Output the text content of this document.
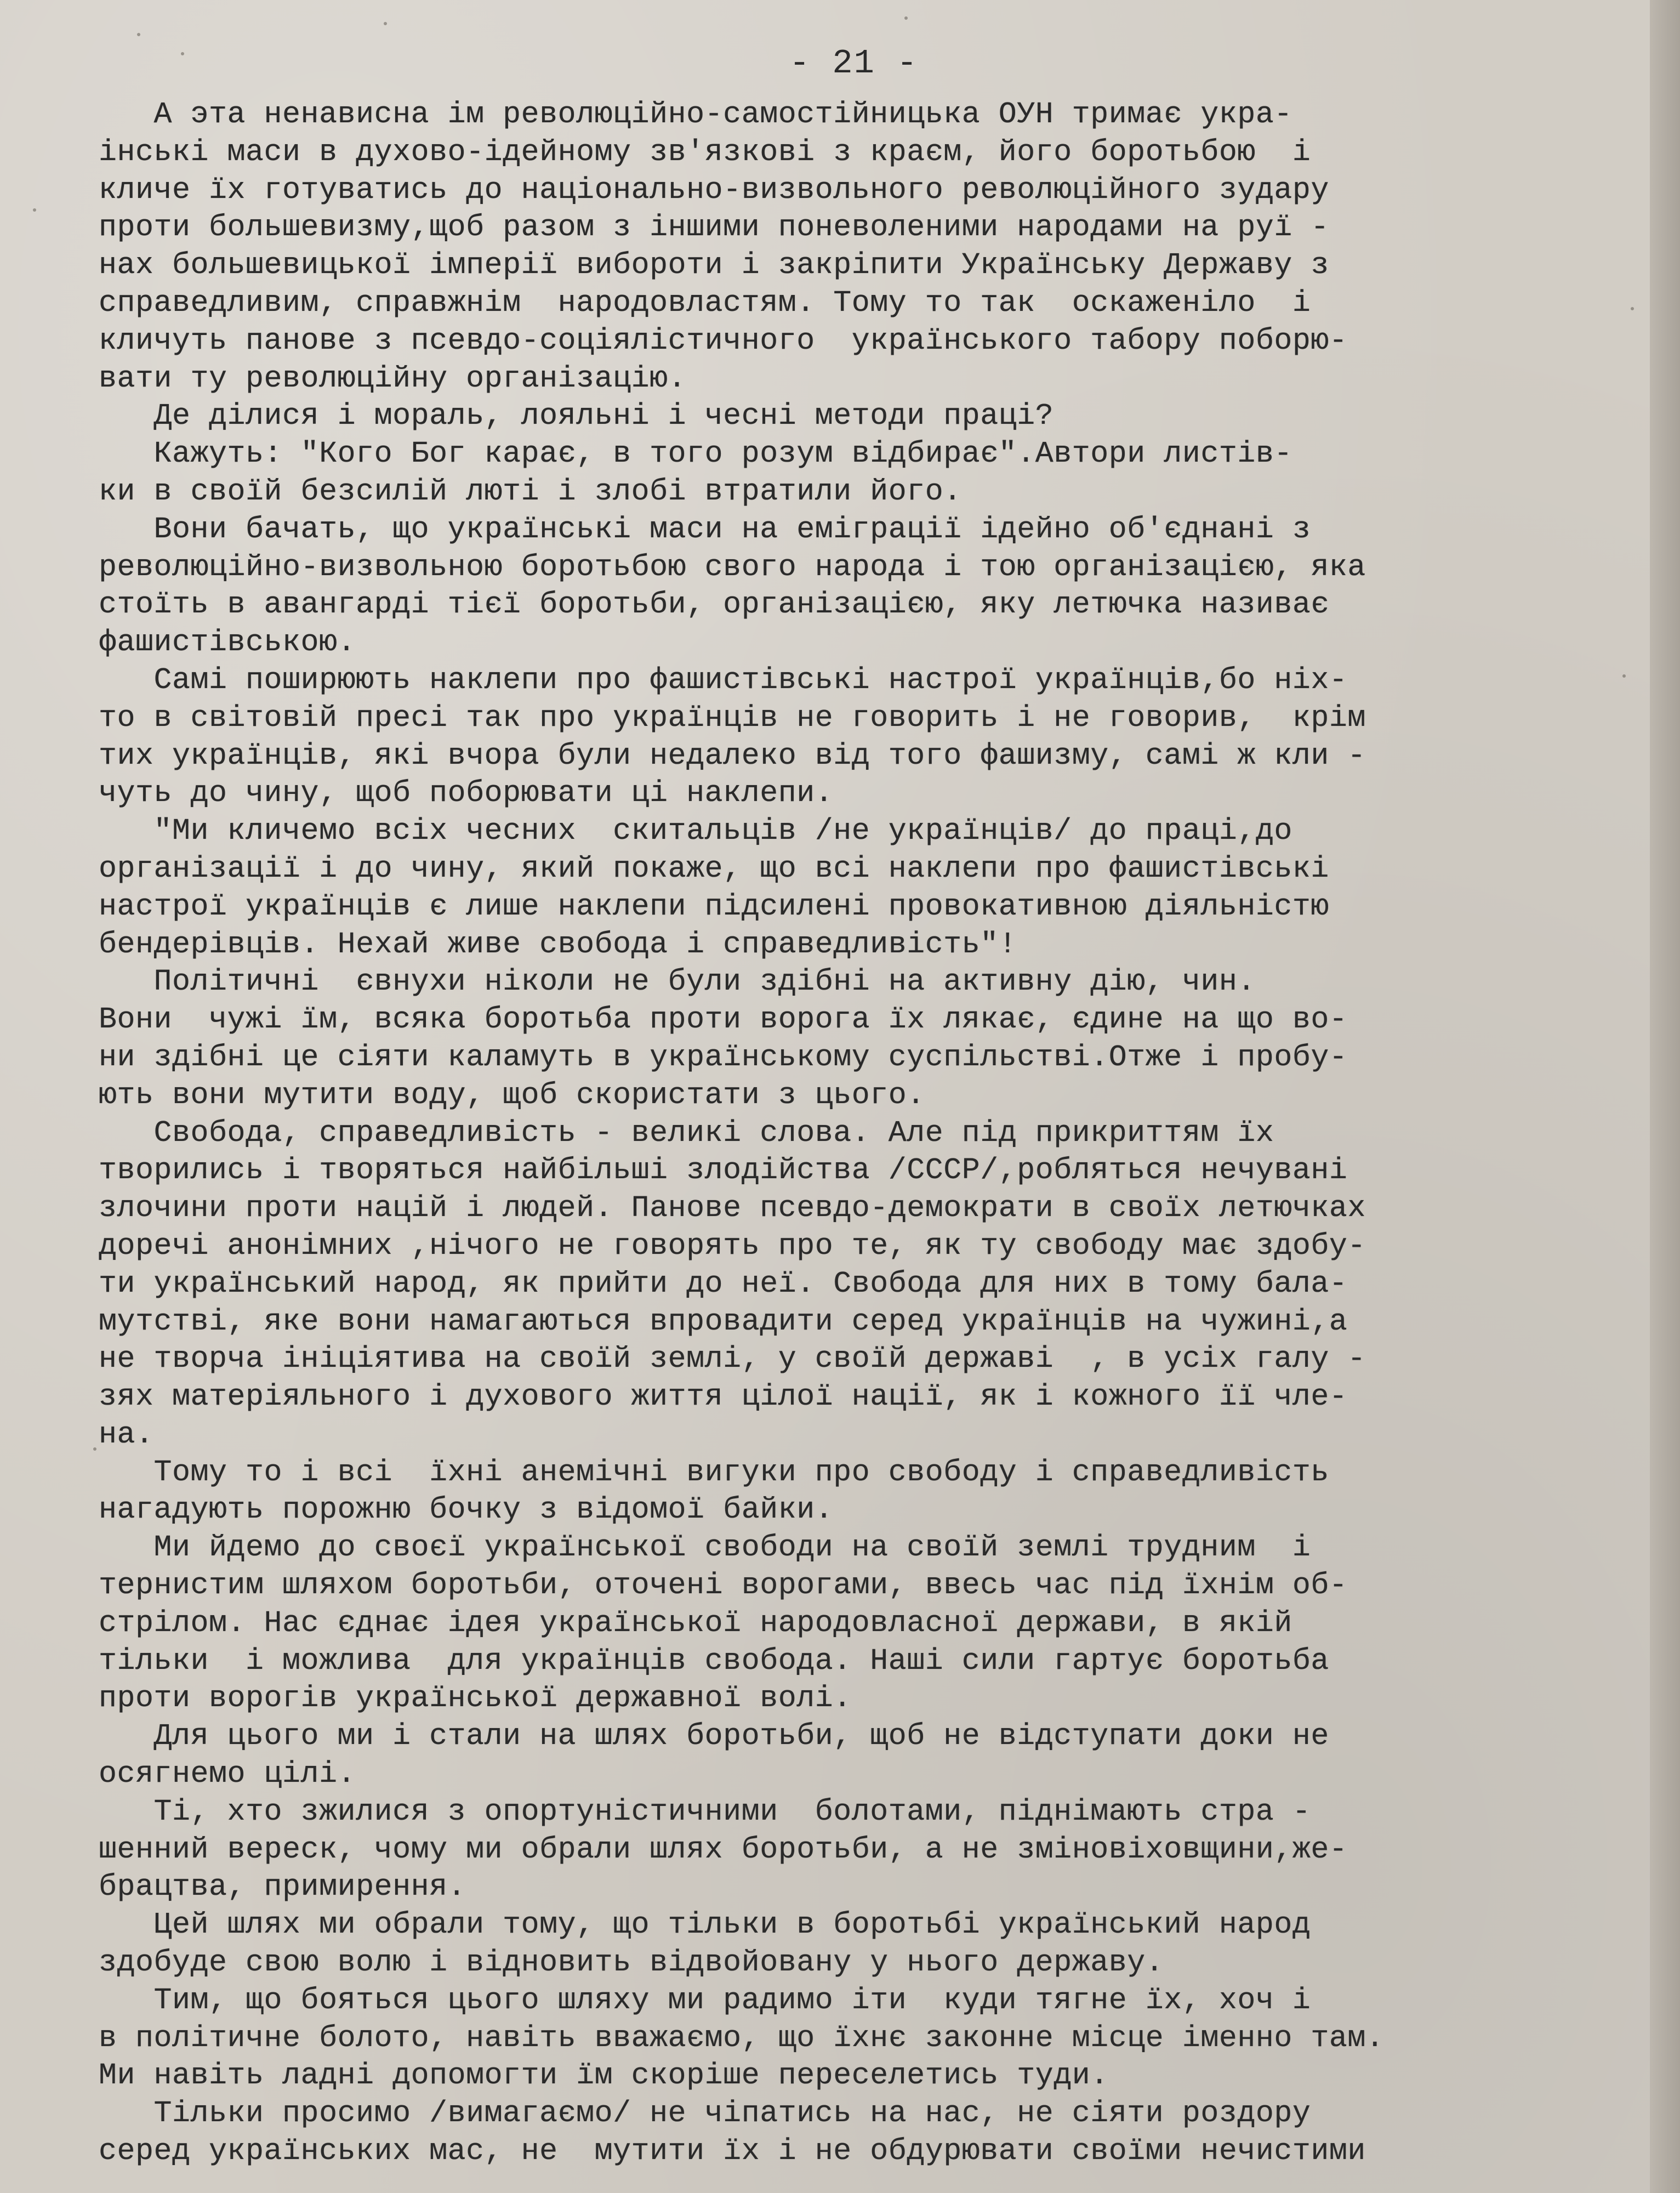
- 21 -
А эта ненависна ім революційно-самостійницька ОУН тримає укра-
інські маси в духово-ідейному зв'язкові з краєм, його боротьбою  і
кличе їх готуватись до національно-визвольного революційного зудару
проти большевизму,щоб разом з іншими поневоленими народами на руї -
нах большевицької імперії вибороти і закріпити Українську Державу з
справедливим, справжнім  народовластям. Тому то так  оскаженіло  і
кличуть панове з псевдо-соціялістичного  українського табору поборю-
вати ту революційну організацію.
Де ділися і мораль, лояльні і чесні методи праці?
Кажуть: "Кого Бог карає, в того розум відбирає".Автори листів-
ки в своїй безсилій люті і злобі втратили його.
Вони бачать, що українські маси на еміграції ідейно об'єднані з
революційно-визвольною боротьбою свого народа і тою організацією, яка
стоїть в авангарді тієї боротьби, організацією, яку летючка називає
фашистівською.
Самі поширюють наклепи про фашистівські настрої українців,бо ніх-
то в світовій пресі так про українців не говорить і не говорив,  крім
тих українців, які вчора були недалеко від того фашизму, самі ж кли -
чуть до чину, щоб поборювати ці наклепи.
"Ми кличемо всіх чесних  скитальців /не українців/ до праці,до
організації і до чину, який покаже, що всі наклепи про фашистівські
настрої українців є лише наклепи підсилені провокативною діяльністю
бендерівців. Нехай живе свобода і справедливість"!
Політичні  євнухи ніколи не були здібні на активну дію, чин.
Вони  чужі їм, всяка боротьба проти ворога їх лякає, єдине на що во-
ни здібні це сіяти каламуть в українському суспільстві.Отже і пробу-
ють вони мутити воду, щоб скористати з цього.
Свобода, справедливість - великі слова. Але під прикриттям їх
творились і творяться найбільші злодійства /СССР/,робляться нечувані
злочини проти націй і людей. Панове псевдо-демократи в своїх летючках
доречі анонімних ,нічого не говорять про те, як ту свободу має здобу-
ти український народ, як прийти до неї. Свобода для них в тому бала-
мутстві, яке вони намагаються впровадити серед українців на чужині,а
не творча ініціятива на своїй землі, у своїй державі  , в усіх галу -
зях матеріяльного і духового життя цілої нації, як і кожного її чле-
на.
Тому то і всі  їхні анемічні вигуки про свободу і справедливість
нагадують порожню бочку з відомої байки.
Ми йдемо до своєї української свободи на своїй землі трудним  і
тернистим шляхом боротьби, оточені ворогами, ввесь час під їхнім об-
стрілом. Нас єднає ідея української народовласної держави, в якій
тільки  і можлива  для українців свобода. Наші сили гартує боротьба
проти ворогів української державної волі.
Для цього ми і стали на шлях боротьби, щоб не відступати доки не
осягнемо цілі.
Ті, хто зжилися з опортуністичними  болотами, піднімають стра -
шенний вереск, чому ми обрали шлях боротьби, а не змінoвіховщини,жe-
брацтва, примирення.
Цей шлях ми обрали тому, що тільки в боротьбі український народ
здобуде свою волю і відновить відвойовану у нього державу.
Тим, що бояться цього шляху ми радимо іти  куди тягне їх, хоч і
в політичне болото, навіть вважаємо, що їхнє законне місце іменно там.
Ми навіть ладні допомогти їм скоріше переселетись туди.
Тільки просимо /вимагаємо/ не чіпатись на нас, не сіяти роздору
серед українських мас, не  мутити їх і не обдурювати своїми нечистими
